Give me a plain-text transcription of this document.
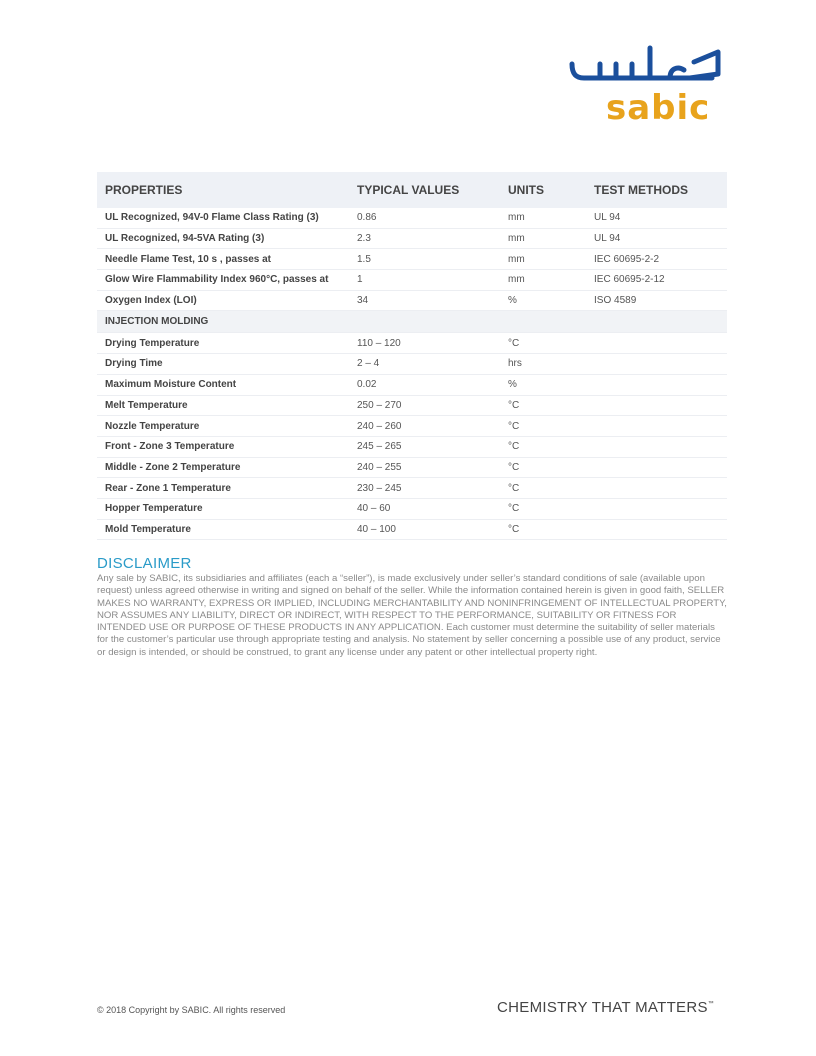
sabic
PROPERTIES	TYPICAL VALUES	UNITS	TEST METHODS
UL Recognized, 94V-0 Flame Class Rating (3)	0.86	mm	UL 94
UL Recognized, 94-5VA Rating (3)	2.3	mm	UL 94
Needle Flame Test, 10 s , passes at	1.5	mm	IEC 60695-2-2
Glow Wire Flammability Index 960°C, passes at	1	mm	IEC 60695-2-12
Oxygen Index (LOI)	34	%	ISO 4589
INJECTION MOLDING			
Drying Temperature	110 – 120	°C	
Drying Time	2 – 4	hrs	
Maximum Moisture Content	0.02	%	
Melt Temperature	250 – 270	°C	
Nozzle Temperature	240 – 260	°C	
Front - Zone 3 Temperature	245 – 265	°C	
Middle - Zone 2 Temperature	240 – 255	°C	
Rear - Zone 1 Temperature	230 – 245	°C	
Hopper Temperature	40 – 60	°C	
Mold Temperature	40 – 100	°C	
DISCLAIMER

Any sale by SABIC, its subsidiaries and affiliates (each a “seller”), is made exclusively under seller’s standard conditions of sale (available upon request) unless agreed otherwise in writing and signed on behalf of the seller. While the information contained herein is given in good faith, SELLER MAKES NO WARRANTY, EXPRESS OR IMPLIED, INCLUDING MERCHANTABILITY AND NONINFRINGEMENT OF INTELLECTUAL PROPERTY, NOR ASSUMES ANY LIABILITY, DIRECT OR INDIRECT, WITH RESPECT TO THE PERFORMANCE, SUITABILITY OR FITNESS FOR INTENDED USE OR PURPOSE OF THESE PRODUCTS IN ANY APPLICATION. Each customer must determine the suitability of seller materials for the customer’s particular use through appropriate testing and analysis. No statement by seller concerning a possible use of any product, service or design is intended, or should be construed, to grant any license under any patent or other intellectual property right.

© 2018 Copyright by SABIC. All rights reserved	CHEMISTRY THAT MATTERS™
